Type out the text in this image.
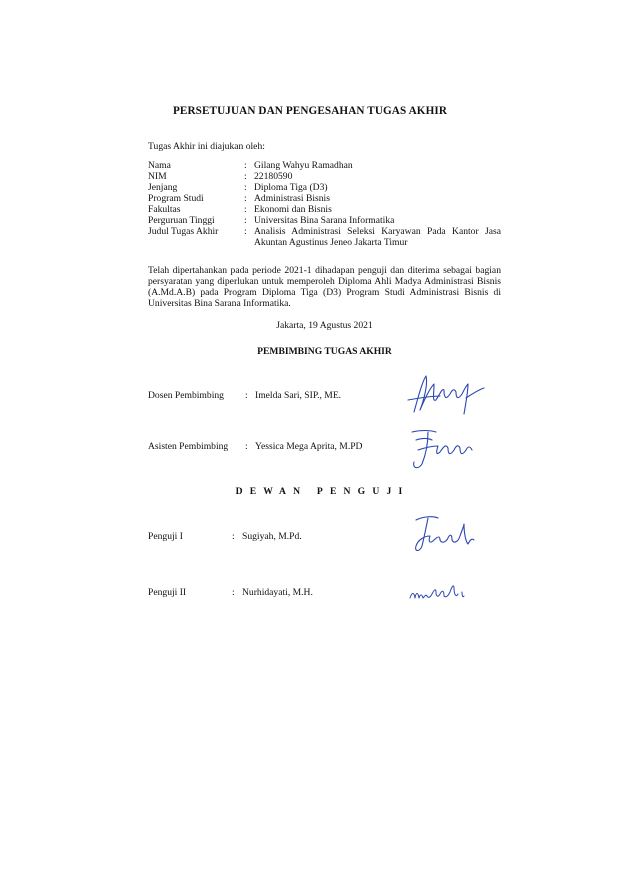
PERSETUJUAN DAN PENGESAHAN TUGAS AKHIR
Tugas Akhir ini diajukan oleh:
Nama	: Gilang Wahyu Ramadhan
NIM	: 22180590
Jenjang	: Diploma Tiga (D3)
Program Studi	: Administrasi Bisnis
Fakultas	: Ekonomi dan Bisnis
Perguruan Tinggi	: Universitas Bina Sarana Informatika
Judul Tugas Akhir	: Analisis Administrasi Seleksi Karyawan Pada Kantor Jasa Akuntan Agustinus Jeneo Jakarta Timur
Telah dipertahankan pada periode 2021-1 dihadapan penguji dan diterima sebagai bagian persyaratan yang diperlukan untuk memperoleh Diploma Ahli Madya Administrasi Bisnis (A.Md.A.B) pada Program Diploma Tiga (D3) Program Studi Administrasi Bisnis di Universitas Bina Sarana Informatika.
Jakarta, 19 Agustus 2021
PEMBIMBING TUGAS AKHIR
Dosen Pembimbing	: Imelda Sari, SIP., ME.
Asisten Pembimbing	: Yessica Mega Aprita, M.PD
DEWAN PENGUJI
Penguji I	: Sugiyah, M.Pd.
Penguji II	: Nurhidayati, M.H.
